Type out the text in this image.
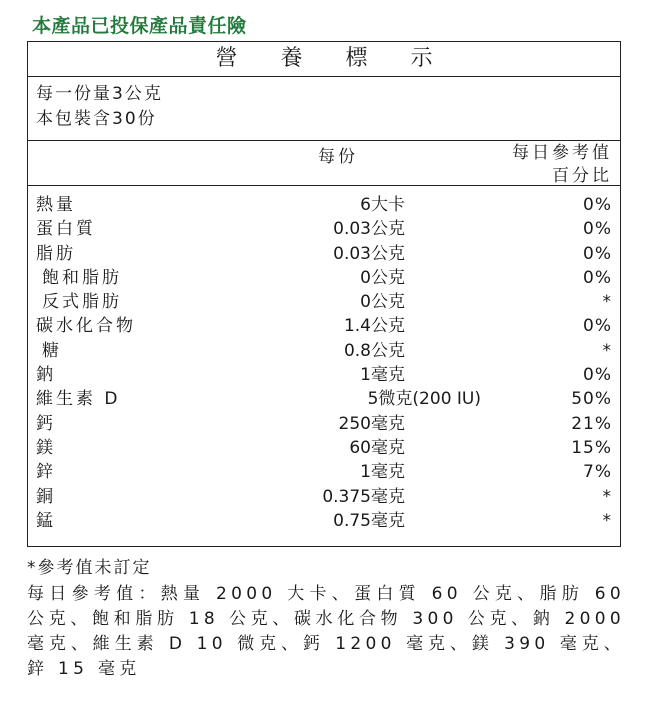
本產品已投保產品責任險
營 養 標 示
每一份量3公克
本包裝含30份
每份	每日參考值
百分比
熱量	6大卡	0%
蛋白質	0.03公克	0%
脂肪	0.03公克	0%
飽和脂肪	0公克	0%
反式脂肪	0公克	*
碳水化合物	1.4公克	0%
糖	0.8公克	*
鈉	1毫克	0%
維生素 D	5微克(200 IU)	50%
鈣	250毫克	21%
鎂	60毫克	15%
鋅	1毫克	7%
銅	0.375毫克	*
錳	0.75毫克	*
*參考值未訂定
每日參考值：熱量 2000 大卡、蛋白質 60 公克、脂肪 60 公克、飽和脂肪 18 公克、碳水化合物 300 公克、鈉 2000 毫克、維生素 D 10 微克、鈣 1200 毫克、鎂 390 毫克、鋅 15 毫克
